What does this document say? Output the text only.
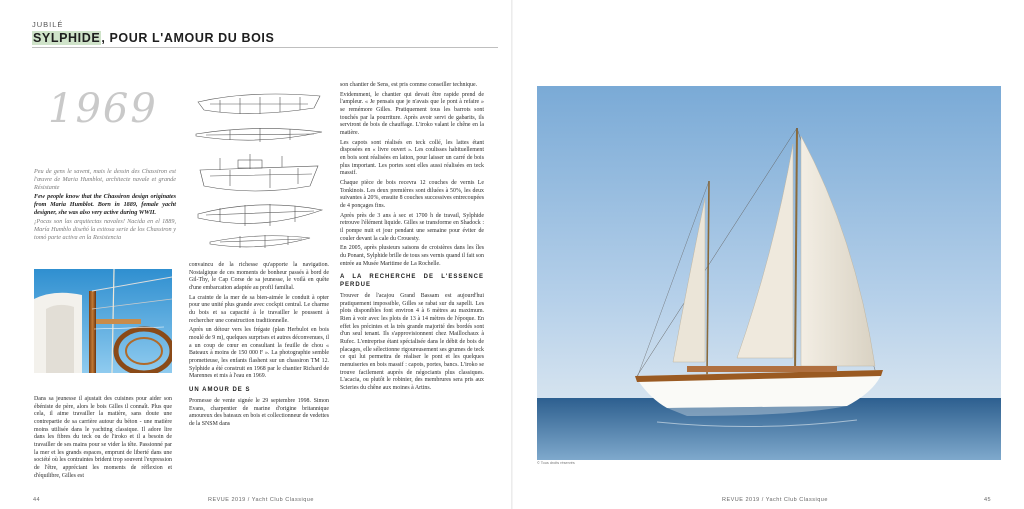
JUBILÉ
SYLPHIDE, POUR L'AMOUR DU BOIS
1969

Peu de gens le savent, mais le dessin des Chassiron est l'œuvre de Maria Humblot, architecte navale et grande Résistante

Few people know that the Chassiron design originates from Maria Humblot. Born in 1889, female yacht designer, she was also very active during WWII.

¡Pocas son las arquitectas navales! Nacida en el 1889, María Humblo diseñó la exitosa serie de los Chassiron y tomó parte activa en la Resistencia

Dans sa jeunesse il ajustait des cuisines pour aider son ébéniste de père, alors le bois Gilles il connaît. Plus que cela, il aime travailler la matière, sans doute une contrepartie de sa carrière autour du béton - une matière moins utilisée dans le yachting classique. Il adore lire dans les fibres du teck ou de l'iroko et il a besoin de travailler de ses mains pour se vider la tête. Passionné par la mer et les grands espaces, emprunt de liberté dans une société où les contraintes brident trop souvent l'expression de l'être, appréciant les moments de réflexion et d'équilibre, Gilles est

convaincu de la richesse qu'apporte la navigation. Nostalgique de ces moments de bonheur passés à bord de Gil-Thy, le Cap Corse de sa jeunesse, le voilà en quête d'une embarcation adaptée au profil familial.

La crainte de la mer de sa bien-aimée le conduit à opter pour une unité plus grande avec cockpit central. Le charme du bois et sa capacité à le travailler le poussent à rechercher une construction traditionnelle.

Après un détour vers les frégate (plan Herbulot en bois moulé de 9 m), quelques surprises et autres déconvenues, il a un coup de cœur en consultant la feuille de chou « Bateaux à moins de 150 000 F ». La photographie semble prometteuse, les enfants flashent sur un chassiron TM 12. Sylphide a été construit en 1968 par le chantier Richard de Marennes et mis à l'eau en 1969.

UN AMOUR DE S

Promesse de vente signée le 29 septembre 1998. Simon Evans, charpentier de marine d'origine britannique amoureux des bateaux en bois et collectionneur de vedettes de la SNSM dans

son chantier de Sens, est pris comme conseiller technique.

Evidemment, le chantier qui devait être rapide prend de l'ampleur. « Je pensais que je n'avais que le pont à refaire » se remémore Gilles. Pratiquement tous les barrots sont touchés par la pourriture. Après avoir servi de gabarits, ils serviront de bois de chauffage. L'iroko valant le chêne en la matière.

Les capots sont réalisés en teck collé, les lattes étant disposées en « livre ouvert ». Les coulisses habituellement en bois sont réalisées en laiton, pour laisser un carré de bois plus important. Les portes sont elles aussi réalisées en teck massif.

Chaque pièce de bois recevra 12 couches de vernis Le Tonkinois. Les deux premières sont diluées à 50%, les deux suivantes à 20%, ensuite 8 couches successives entrecoupées de 4 ponçages fins.

Après près de 3 ans à sec et 1700 h de travail, Sylphide retrouve l'élément liquide. Gilles se transforme en Shadock : il pompe nuit et jour pendant une semaine pour éviter de couler devant la cale du Crouesty.

En 2005, après plusieurs saisons de croisières dans les îles du Ponant, Sylphide brille de tous ses vernis quand il fait son entrée au Musée Maritime de La Rochelle.

A LA RECHERCHE DE L'ESSENCE PERDUE

Trouver de l'acajou Grand Bassam est aujourd'hui pratiquement impossible, Gilles se rabat sur du sapelli. Les plots disponibles font environ 4 à 6 mètres au maximum. Rien à voir avec les plots de 13 à 14 mètres de l'époque. En effet les précintes et la très grande majorité des bordés sont d'un seul tenant. Ils s'approvisionnent chez Maillochaux à Rufec. L'entreprise étant spécialisée dans le débit de bois de placages, elle sélectionne rigoureusement ses grumes de teck ce qui lui permettra de réaliser le pont et les quelques menuiseries en bois massif : capots, portes, bancs. L'iroko se trouve facilement auprès de négociants plus classiques. L'acacia, ou plutôt le robinier, des membrures sera pris aux Scieries du chêne aux moines à Artins.

© Tous droits réservés
44	REVUE 2019 / Yacht Club Classique	REVUE 2019 / Yacht Club Classique	45
